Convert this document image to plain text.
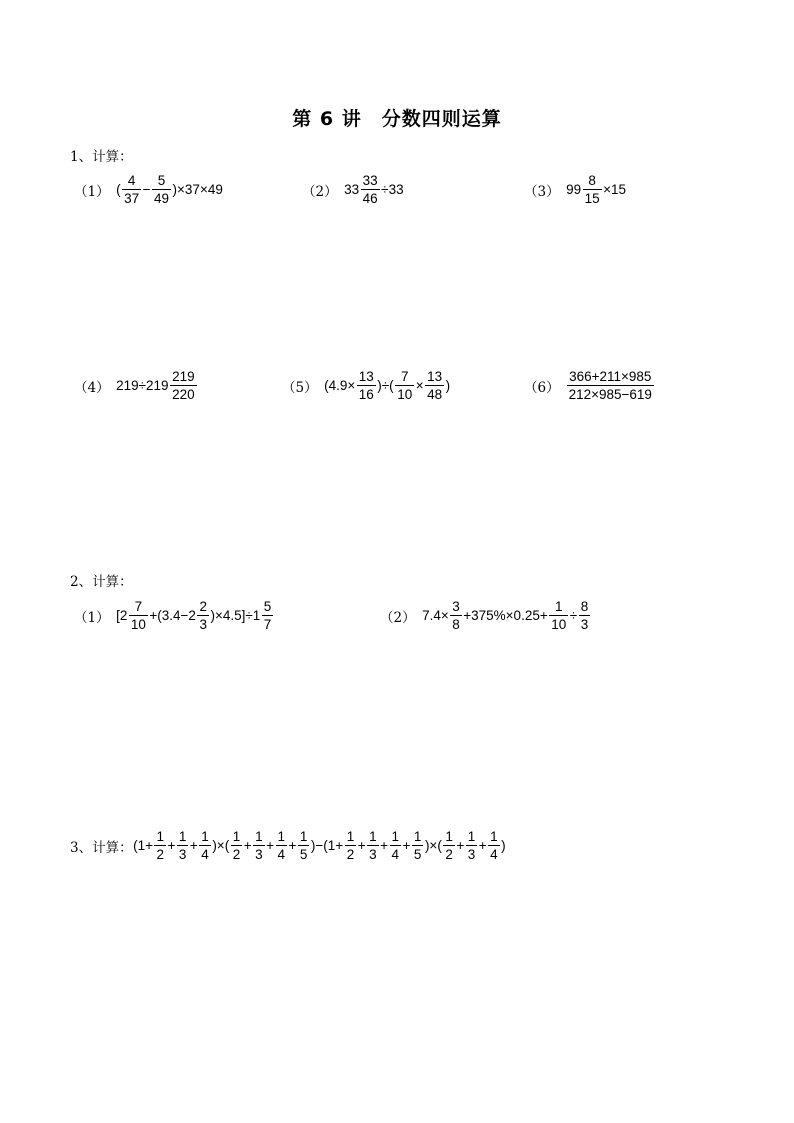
第 6 讲　分数四则运算
1、计算：
（1） ( $\frac{4}{37} - \frac{5}{49} )\times 37\times 49$	（2） $33 \frac{33}{46} \div 33$	（3） $99 \frac{8}{15} \times 15$
（4） $219\div 219 \frac{219}{220}$	（5） ($4.9\times \frac{13}{16}$ )÷( $\frac{7}{10} \times \frac{13}{48}$ )	$(6) \frac{366+211\times 985}{212\times 985-619}$
2、计算：
（1） $[2 \frac{7}{10} +(3.4-2 \frac{2}{3} )\times 4.5]\div 1 \frac{5}{7}$	（2） $7.4\times \frac{3}{8} +375\%\times 0.25+ \frac{1}{10} \div \frac{8}{3}$
3、计算： ($1+ \frac{1}{2} + \frac{1}{3} + \frac{1}{4}$ )×( $\frac{1}{2} + \frac{1}{3} + \frac{1}{4} + \frac{1}{5} )-(1+ \frac{1}{2} + \frac{1}{3} + \frac{1}{4} + \frac{1}{5}$ )×( $\frac{1}{2} + \frac{1}{3} + \frac{1}{4}$ )
